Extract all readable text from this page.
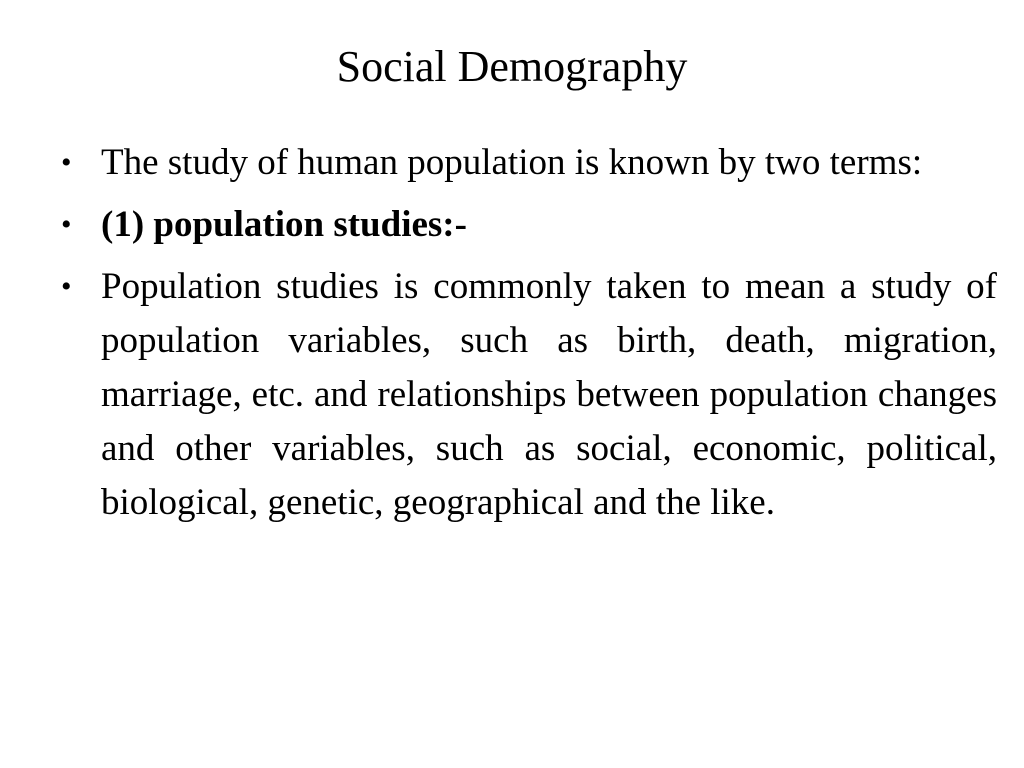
Social Demography
• The study of human population is known by two terms:
• (1) population studies:-
• Population studies is commonly taken to mean a study of population variables, such as birth, death, migration, marriage, etc. and relationships between population changes and other variables, such as social, economic, political, biological, genetic, geographical and the like.
